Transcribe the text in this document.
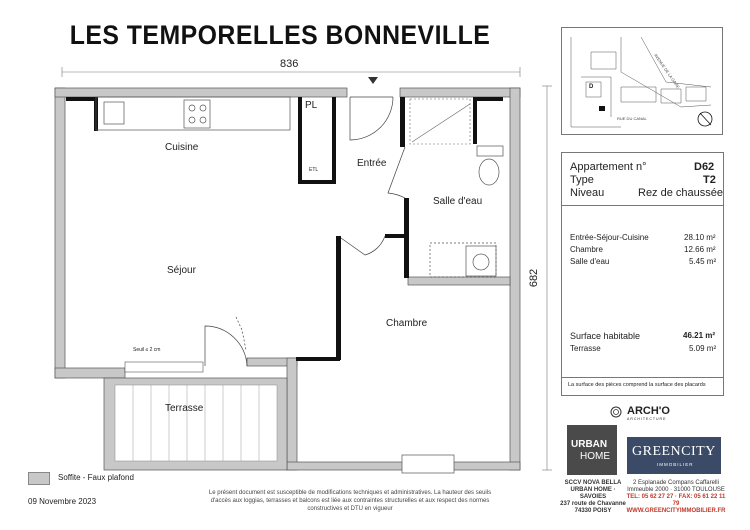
LES TEMPORELLES BONNEVILLE
836
682
Cuisine
Séjour
Entrée
PL
ETL
Salle d'eau
Chambre
Terrasse
Seuil ≤ 2 cm
AVENUE DE LA GARE
RUE DU CANAL
D
Appartement n°	D62
Type	T2
Niveau	Rez de chaussée
Entrée-Séjour-Cuisine	28.10 m²
Chambre	12.66 m²
Salle d'eau	5.45 m²
Surface habitable	46.21 m²
Terrasse	5.09 m²
La surface des pièces comprend la surface des placards
ARCH'O
ARCHITECTURE
URBAN
HOME GREENCITY
IMMOBILIER
SCCV NOVA BELLA
URBAN HOME · SAVOIES
237 route de Chavanne
74330 POISY
2 Esplanade Compans Caffarelli
Immeuble 2000 · 31000 TOULOUSE
TEL: 05 62 27 27 · FAX: 05 61 22 11 79
WWW.GREENCITYIMMOBILIER.FR
Soffite - Faux plafond
09 Novembre 2023
Le présent document est susceptible de modifications techniques et administratives. La hauteur des seuils d'accès aux loggias, terrasses et balcons est liée aux contraintes structurelles et aux respect des normes constructives et DTU en vigueur
